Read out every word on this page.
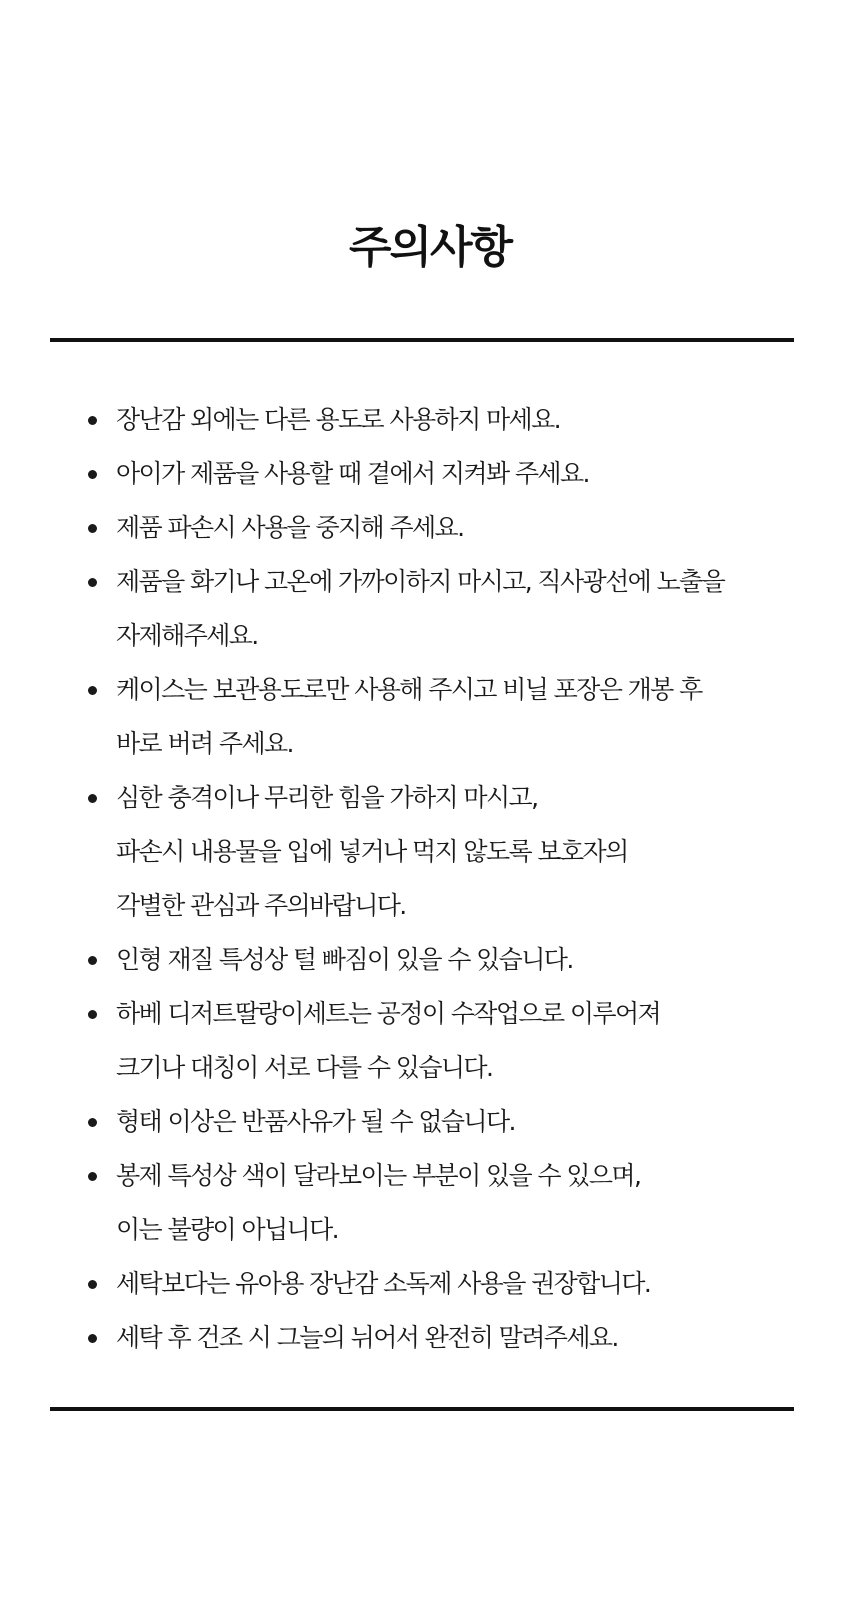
주의사항
장난감 외에는 다른 용도로 사용하지 마세요.
아이가 제품을 사용할 때 곁에서 지켜봐 주세요.
제품 파손시 사용을 중지해 주세요.
제품을 화기나 고온에 가까이하지 마시고, 직사광선에 노출을
자제해주세요.
케이스는 보관용도로만 사용해 주시고 비닐 포장은 개봉 후
바로 버려 주세요.
심한 충격이나 무리한 힘을 가하지 마시고,
파손시 내용물을 입에 넣거나 먹지 않도록 보호자의
각별한 관심과 주의바랍니다.
인형 재질 특성상 털 빠짐이 있을 수 있습니다.
하베 디저트딸랑이세트는 공정이 수작업으로 이루어져
크기나 대칭이 서로 다를 수 있습니다.
형태 이상은 반품사유가 될 수 없습니다.
봉제 특성상 색이 달라보이는 부분이 있을 수 있으며,
이는 불량이 아닙니다.
세탁보다는 유아용 장난감 소독제 사용을 권장합니다.
세탁 후 건조 시 그늘의 뉘어서 완전히 말려주세요.
